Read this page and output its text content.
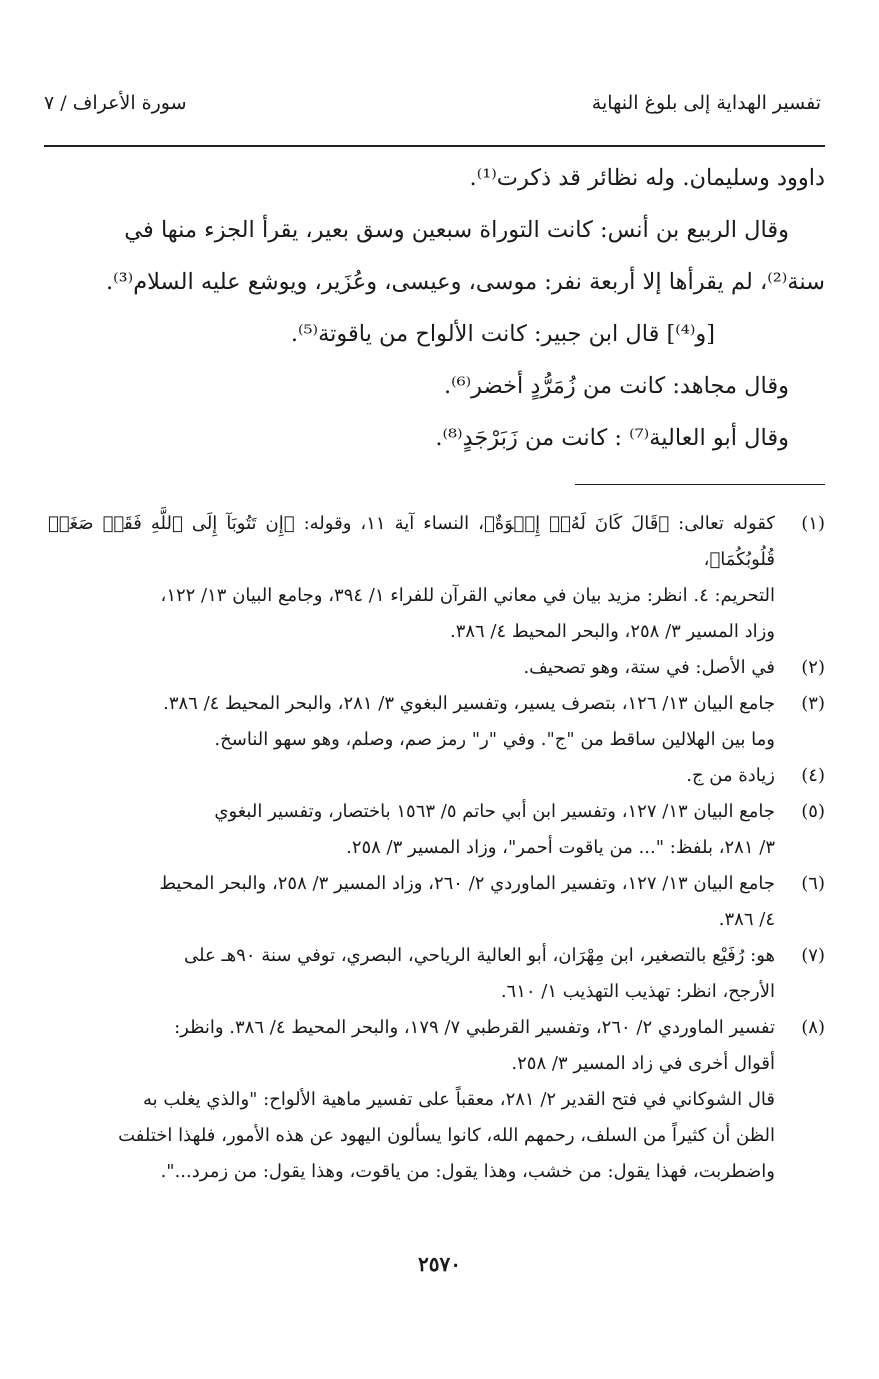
تفسير الهداية إلى بلوغ النهاية
سورة الأعراف / ٧

داوود وسليمان. وله نظائر قد ذكرت⁽¹⁾.

وقال الربيع بن أنس: كانت التوراة سبعين وسق بعير، يقرأ الجزء منها في

سنة⁽²⁾، لم يقرأها إلا أربعة نفر: موسى، وعيسى، وعُزَير، ويوشع عليه السلام⁽³⁾.

[و⁽⁴⁾] قال ابن جبير: كانت الألواح من ياقوتة⁽⁵⁾.

وقال مجاهد: كانت من زُمَرُّدٍ أخضر⁽⁶⁾.

وقال أبو العالية⁽⁷⁾ : كانت من زَبَرْجَدٍ⁽⁸⁾.

(١)
كقوله تعالى: ﴿قَالَ كَانَ لَهُۥٓ إِخۡوَةٌ﴾، النساء آية ١١، وقوله: ﴿إِن تَتُوبَآ إِلَى ٱللَّهِ فَقَدۡ صَغَتۡ قُلُوبُكُمَا﴾،
التحريم: ٤. انظر: مزيد بيان في معاني القرآن للفراء ١/ ٣٩٤، وجامع البيان ١٣/ ١٢٢،
وزاد المسير ٣/ ٢٥٨، والبحر المحيط ٤/ ٣٨٦.
(٢)
في الأصل: في ستة، وهو تصحيف.
(٣)
جامع البيان ١٣/ ١٢٦، بتصرف يسير، وتفسير البغوي ٣/ ٢٨١، والبحر المحيط ٤/ ٣٨٦.
وما بين الهلالين ساقط من "ج". وفي "ر" رمز صم، وصلم، وهو سهو الناسخ.
(٤)
زيادة من ج.
(٥)
جامع البيان ١٣/ ١٢٧، وتفسير ابن أبي حاتم ٥/ ١٥٦٣ باختصار، وتفسير البغوي
٣/ ٢٨١، بلفظ: "... من ياقوت أحمر"، وزاد المسير ٣/ ٢٥٨.
(٦)
جامع البيان ١٣/ ١٢٧، وتفسير الماوردي ٢/ ٢٦٠، وزاد المسير ٣/ ٢٥٨، والبحر المحيط
٤/ ٣٨٦.
(٧)
هو: رُفَيْع بالتصغير، ابن مِهْرَان، أبو العالية الرياحي، البصري، توفي سنة ٩٠هـ على
الأرجح، انظر: تهذيب التهذيب ١/ ٦١٠.
(٨)
تفسير الماوردي ٢/ ٢٦٠، وتفسير القرطبي ٧/ ١٧٩، والبحر المحيط ٤/ ٣٨٦. وانظر:
أقوال أخرى في زاد المسير ٣/ ٢٥٨.

قال الشوكاني في فتح القدير ٢/ ٢٨١، معقباً على تفسير ماهية الألواح: "والذي يغلب به

الظن أن كثيراً من السلف، رحمهم الله، كانوا يسألون اليهود عن هذه الأمور، فلهذا اختلفت

واضطربت، فهذا يقول: من خشب، وهذا يقول: من ياقوت، وهذا يقول: من زمرد...".

٢٥٧٠
